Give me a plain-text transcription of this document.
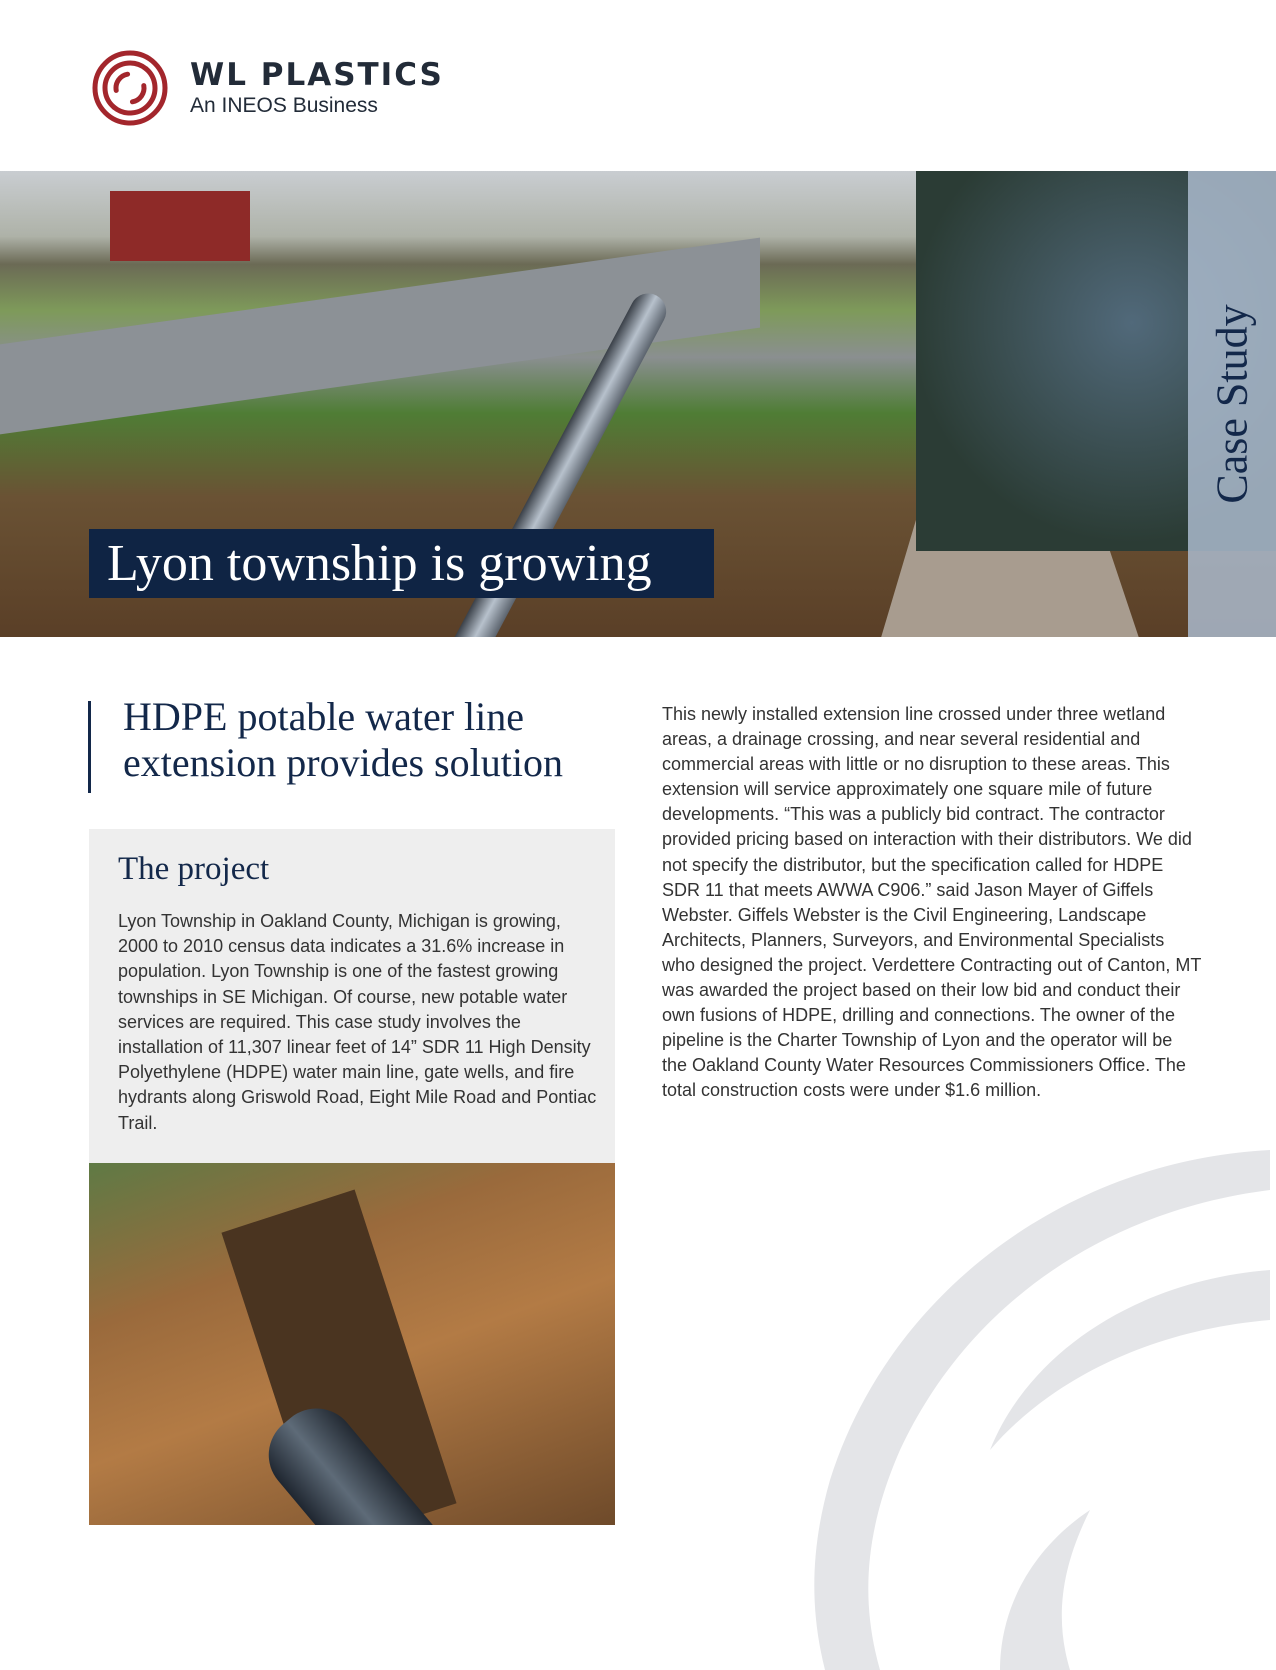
WL PLASTICS
An INEOS Business
Case Study
Lyon township is growing
HDPE potable water line extension provides solution
The project

Lyon Township in Oakland County, Michigan is growing, 2000 to 2010 census data indicates a 31.6% increase in population. Lyon Township is one of the fastest growing townships in SE Michigan. Of course, new potable water services are required. This case study involves the installation of 11,307 linear feet of 14” SDR 11 High Density Polyethylene (HDPE) water main line, gate wells, and fire hydrants along Griswold Road, Eight Mile Road and Pontiac Trail.

This newly installed extension line crossed under three wetland areas, a drainage crossing, and near several residential and commercial areas with little or no disruption to these areas. This extension will service approximately one square mile of future developments. “This was a publicly bid contract. The contractor provided pricing based on interaction with their distributors. We did not specify the distributor, but the specification called for HDPE SDR 11 that meets AWWA C906.” said Jason Mayer of Giffels Webster. Giffels Webster is the Civil Engineering, Landscape Architects, Planners, Surveyors, and Environmental Specialists who designed the project. Verdettere Contracting out of Canton, MT was awarded the project based on their low bid and conduct their own fusions of HDPE, drilling and connections. The owner of the pipeline is the Charter Township of Lyon and the operator will be the Oakland County Water Resources Commissioners Office. The total construction costs were under $1.6 million.
